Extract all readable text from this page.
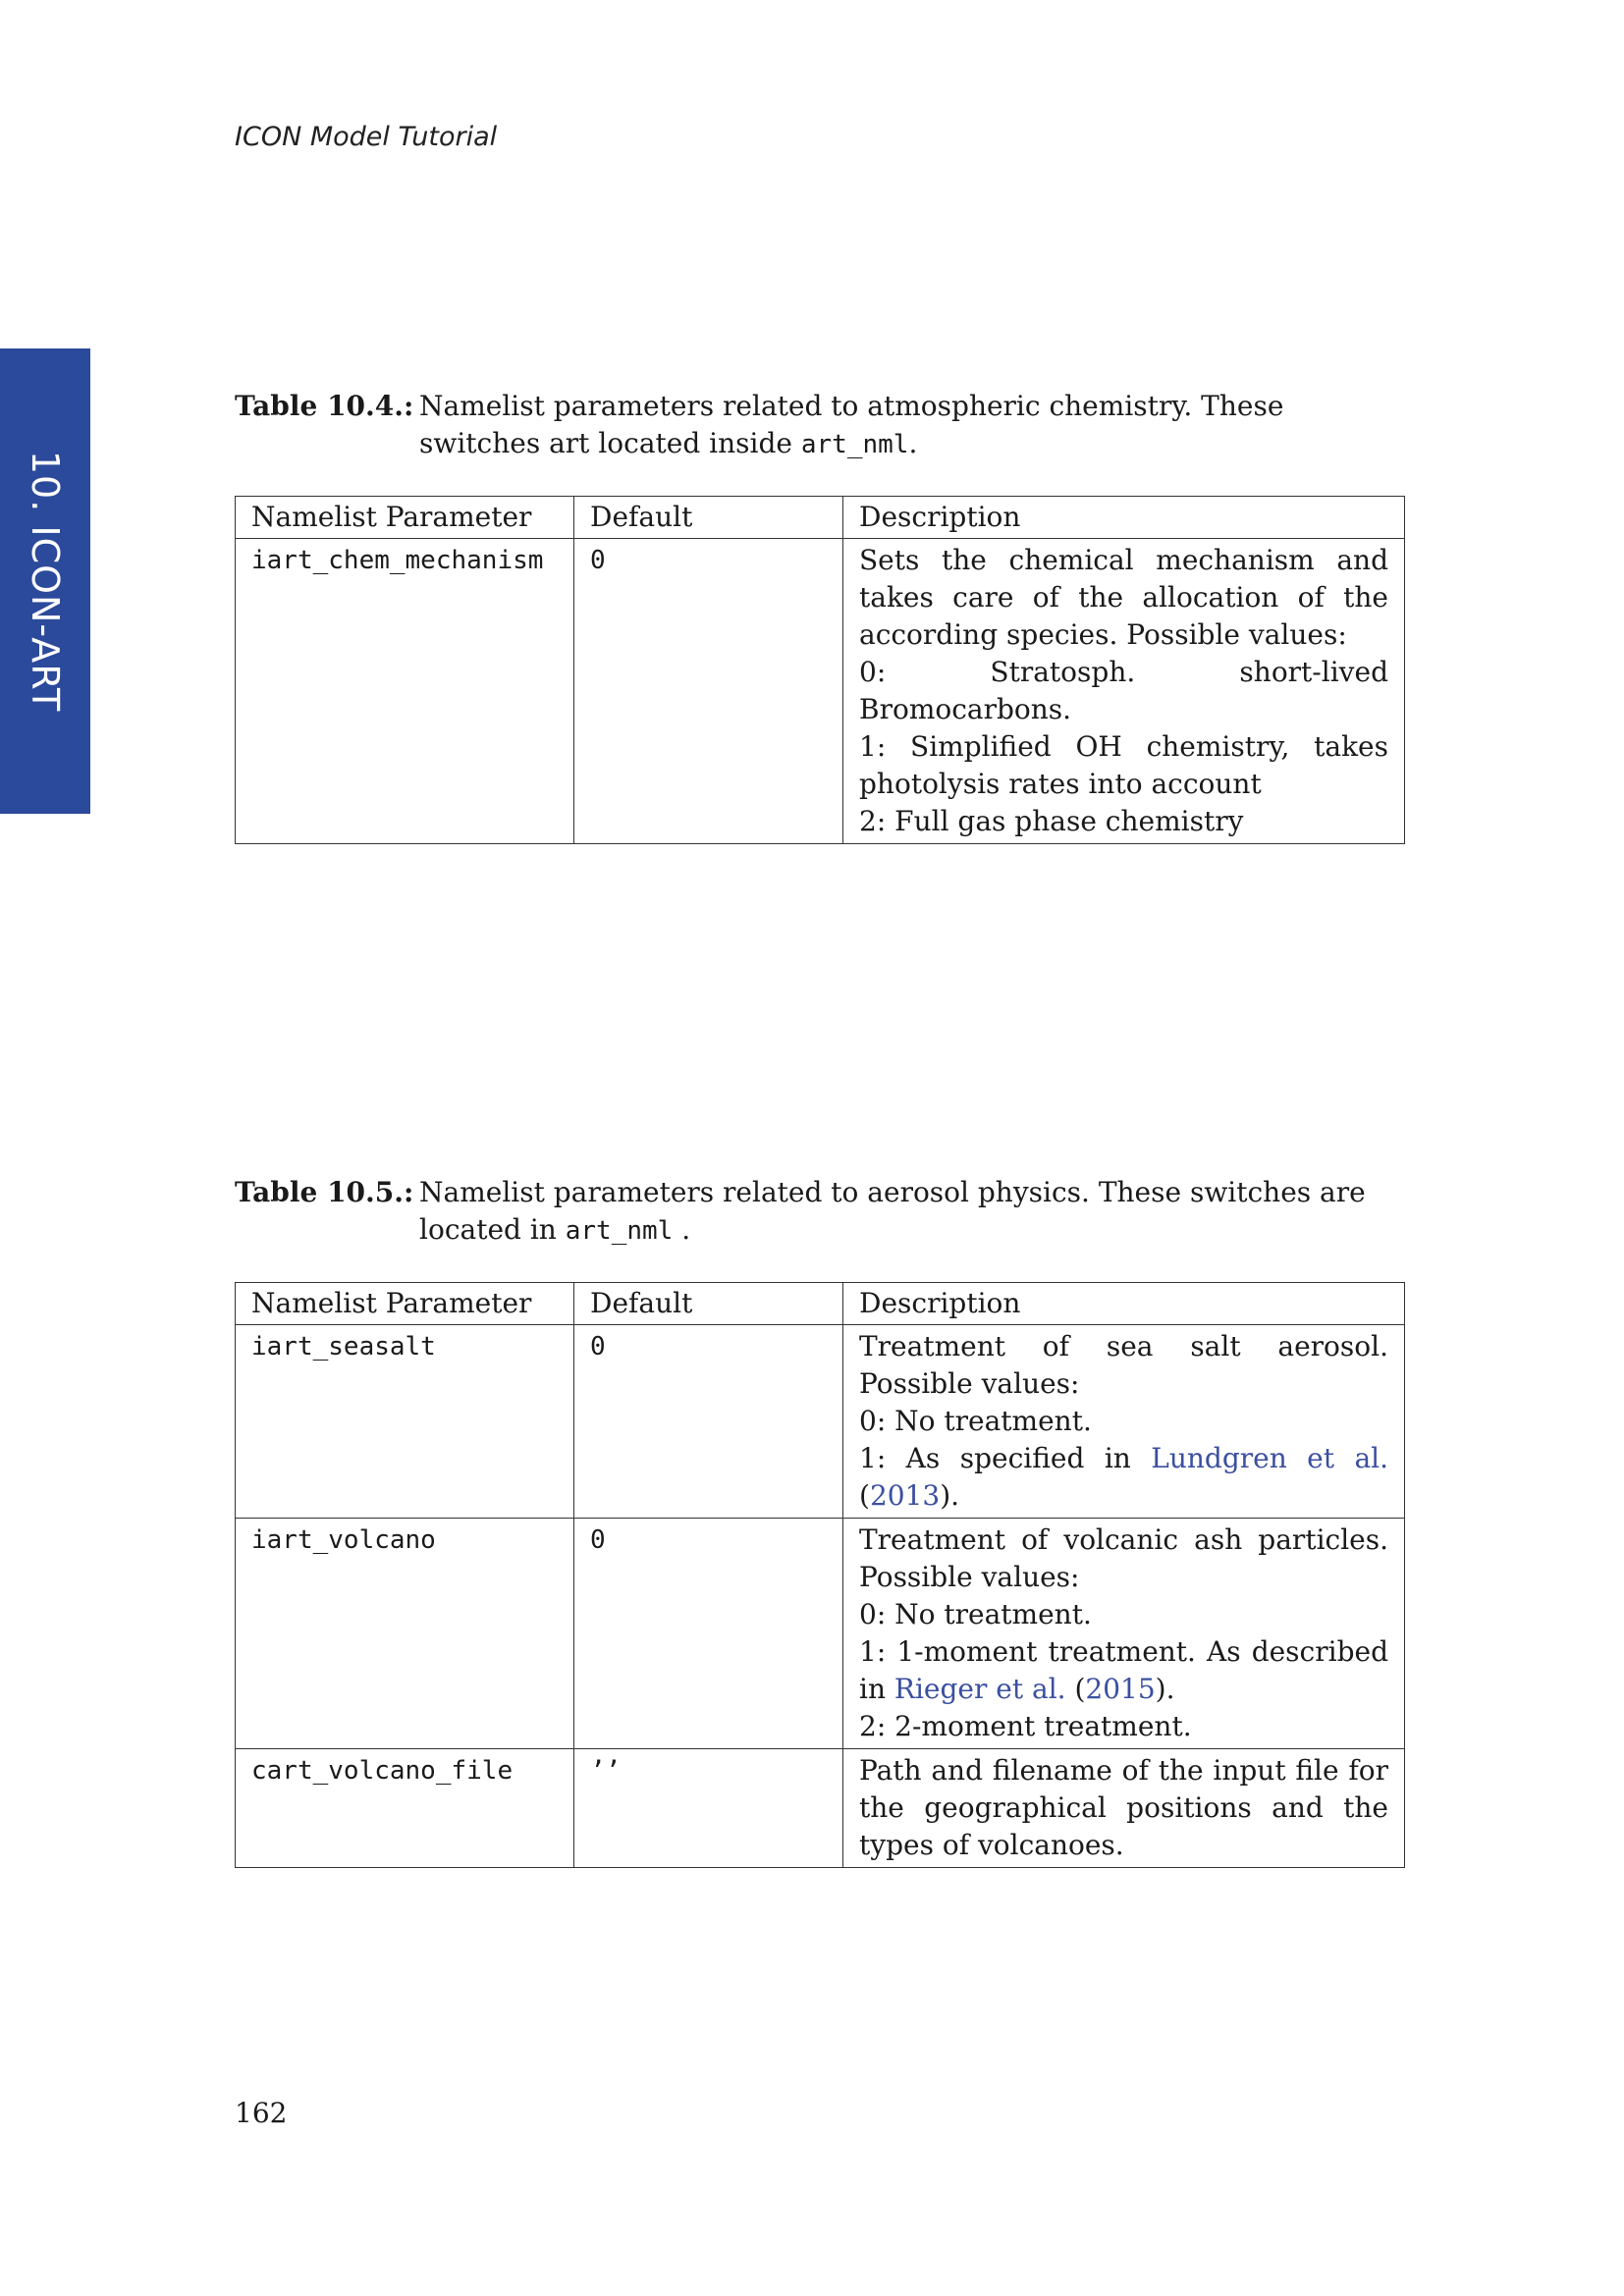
ICON Model Tutorial
10. ICON-ART
Table 10.4.: Namelist parameters related to atmospheric chemistry. These switches art located inside art_nml.
Namelist Parameter	Default	Description
iart_chem_mechanism	0	Sets the chemical mechanism and takes care of the allocation of the according species. Possible values:
0: Stratosph. short-lived Bromocarbons.
1: Simplified OH chemistry, takes photolysis rates into account
2: Full gas phase chemistry
Table 10.5.: Namelist parameters related to aerosol physics. These switches are located in art_nml .
Namelist Parameter	Default	Description
iart_seasalt	0	Treatment of sea salt aerosol. Possible values:
0: No treatment.
1: As specified in Lundgren et al. (2013).

iart_volcano	0	Treatment of volcanic ash particles. Possible values:
0: No treatment.
1: 1-moment treatment. As described in Rieger et al. (2015).
2: 2-moment treatment.

cart_volcano_file	’’	Path and filename of the input file for the geographical positions and the types of volcanoes.
162
